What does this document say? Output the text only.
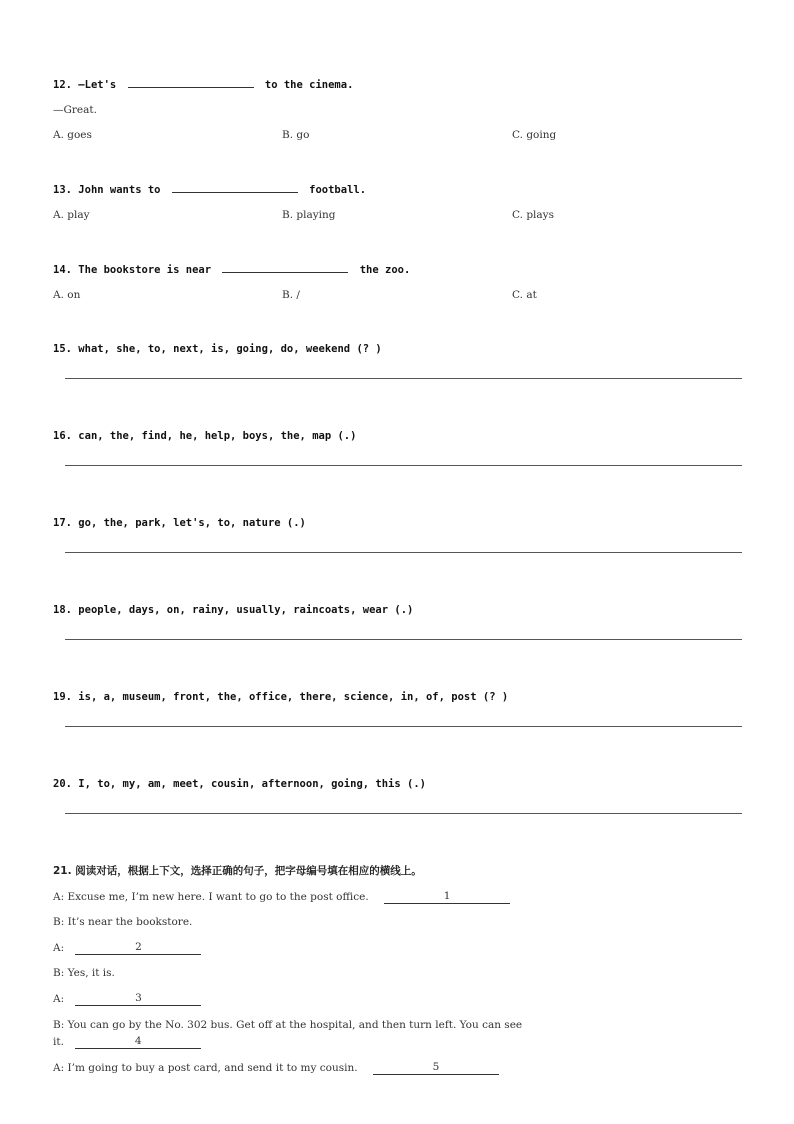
12. —Let's	to the cinema.
—Great.
A. goes	B. go	C. going
13. John wants to	football.
A. play	B. playing	C. plays
14. The bookstore is near	the zoo.
A. on	B. /	C. at
15. what, she, to, next, is, going, do, weekend (? )
16. can, the, find, he, help, boys, the, map (.)
17. go, the, park, let's, to, nature (.)
18. people, days, on, rainy, usually, raincoats, wear (.)
19. is, a, museum, front, the, office, there, science, in, of, post (? )
20. I, to, my, am, meet, cousin, afternoon, going, this (.)
21. 阅读对话，根据上下文，选择正确的句子，把字母编号填在相应的横线上。
A: Excuse me, I’m new here. I want to go to the post office.	1
B: It’s near the bookstore.
A:	2
B: Yes, it is.
A:	3
B: You can go by the No. 302 bus. Get off at the hospital, and then turn left. You can see
it.	4
A: I’m going to buy a post card, and send it to my cousin.	5
